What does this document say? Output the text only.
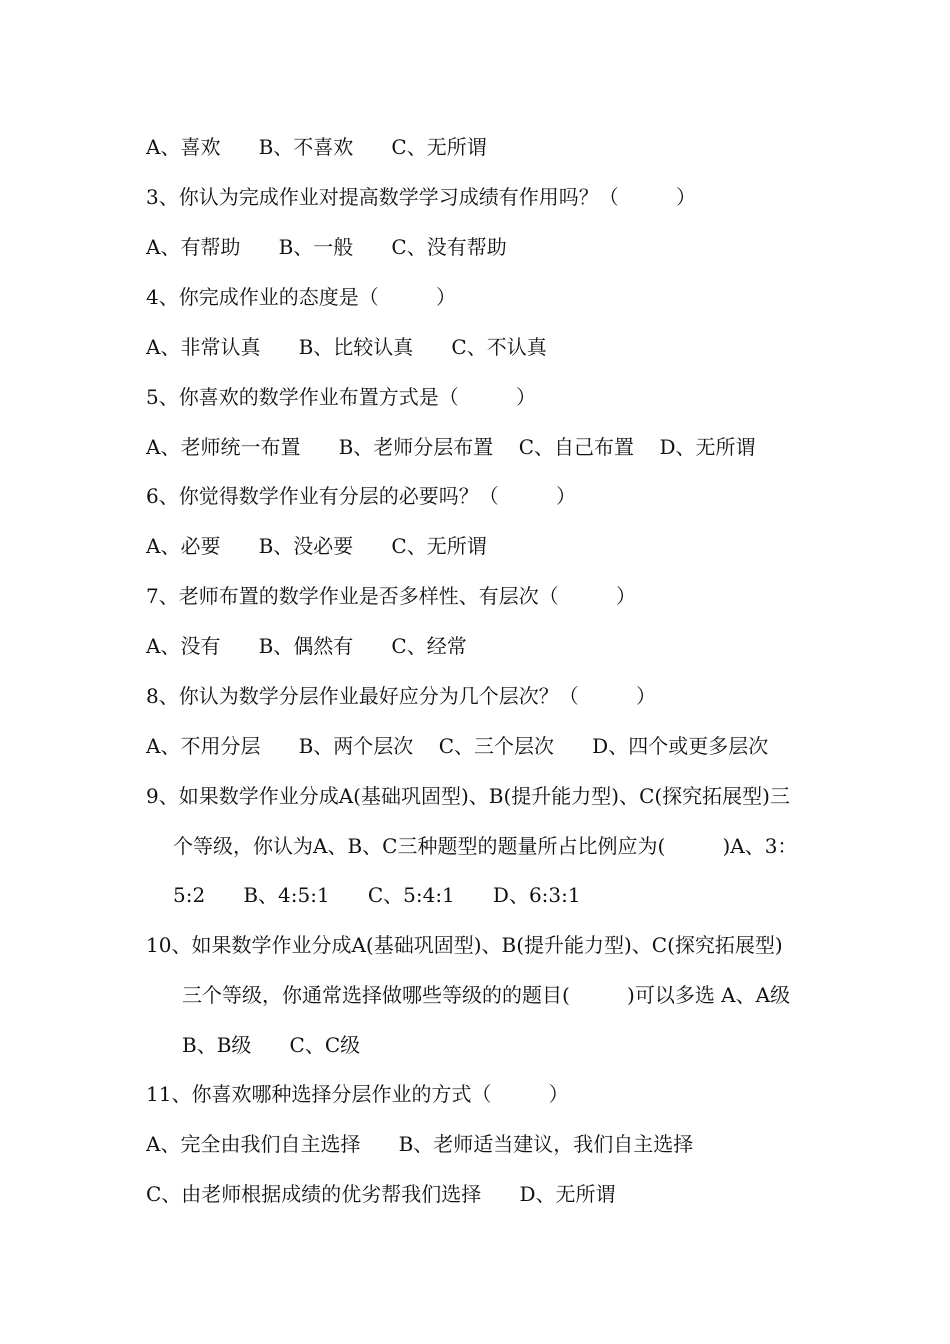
A、喜欢      B、不喜欢      C、无所谓
3、你认为完成作业对提高数学学习成绩有作用吗？（         ）
A、有帮助      B、一般      C、没有帮助
4、你完成作业的态度是（         ）
A、非常认真      B、比较认真      C、不认真
5、你喜欢的数学作业布置方式是（         ）
A、老师统一布置      B、老师分层布置    C、自己布置    D、无所谓
6、你觉得数学作业有分层的必要吗？（         ）
A、必要      B、没必要      C、无所谓
7、老师布置的数学作业是否多样性、有层次（         ）
A、没有      B、偶然有      C、经常
8、你认为数学分层作业最好应分为几个层次？（         ）
A、不用分层      B、两个层次    C、三个层次      D、四个或更多层次
9、如果数学作业分成A(基础巩固型)、B(提升能力型)、C(探究拓展型)三
个等级，你认为A、B、C三种题型的题量所占比例应为(         )A、3：
5:2      B、4:5:1      C、5:4:1      D、6:3:1
10、如果数学作业分成A(基础巩固型)、B(提升能力型)、C(探究拓展型)
三个等级，你通常选择做哪些等级的的题目(         )可以多选 A、A级
B、B级      C、C级
11、你喜欢哪种选择分层作业的方式（         ）
A、完全由我们自主选择      B、老师适当建议，我们自主选择
C、由老师根据成绩的优劣帮我们选择      D、无所谓
